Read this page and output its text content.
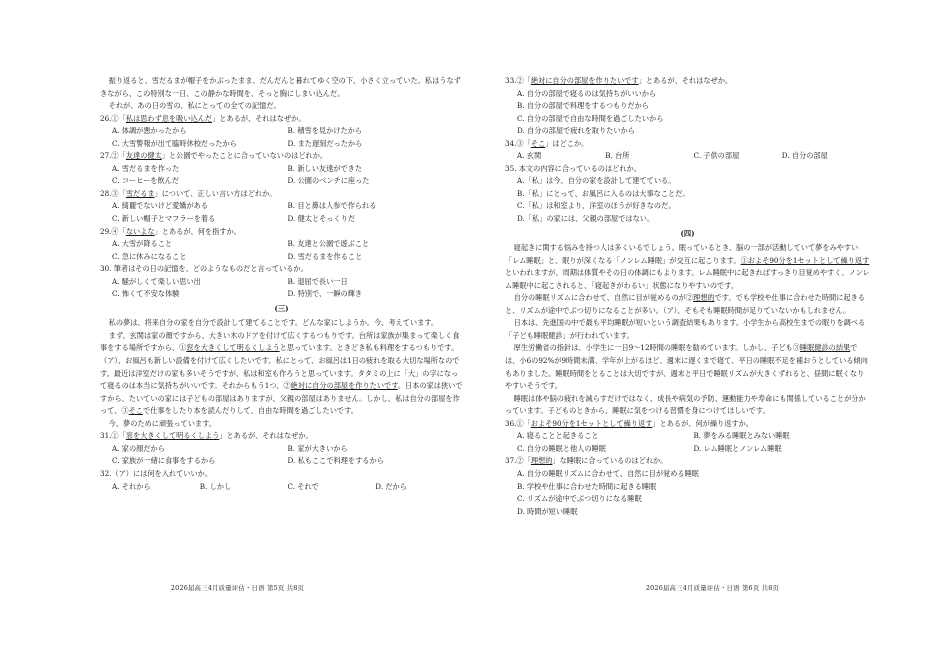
振り返ると、雪だるまが帽子をかぶったまま、だんだんと暮れてゆく空の下、小さく立っていた。私はうなずきながら、この特別な一日、この静かな時間を、そっと胸にしまい込んだ。

それが、あの日の雪の、私にとっての全ての記憶だ。

26.①「私は思わず息を吸い込んだ」とあるが、それはなぜか。

A. 体調が悪かったから	B. 積雪を見かけたから
C. 大雪警報が出て臨時休校だったから	D. また遅刻だったから

27.②「友達の健太」と公園でやったことに合っていないのはどれか。

A. 雪だるまを作った	B. 新しい友達ができた
C. コーヒーを飲んだ	D. 公園のベンチに座った

28.③「雪だるま」について、正しい言い方はどれか。

A. 綺麗でないけど愛嬌がある	B. 目と鼻は人参で作られる
C. 新しい帽子とマフラーを着る	D. 健太とそっくりだ

29.④「ないよな」とあるが、何を指すか。

A. 大雪が降ること	B. 友達と公園で遊ぶこと
C. 急に休みになること	D. 雪だるまを作ること

30. 筆者はその日の記憶を、どのようなものだと言っているか。

A. 騒がしくて楽しい思い出	B. 退屈で長い一日
C. 怖くて不安な体験	D. 特別で、一瞬の輝き

(三)

私の夢は、将来自分の家を自分で設計して建てることです。どんな家にしようか。今、考えています。

まず、玄関は家の顔ですから、大きい木のドアを付けて広くするつもりです。台所は家族が集まって楽しく食事をする場所ですから、①窓を大きくして明るくしようと思っています。ときどき私も料理をするつもりです。（ア）、お風呂も新しい設備を付けて広くしたいです。私にとって、お風呂は1日の疲れを取る大切な場所なのです。最近は洋室だけの家も多いそうですが、私は和室も作ろうと思っています。タタミの上に「大」の字になって寝るのは本当に気持ちがいいです。それからもう1つ、②絶対に自分の部屋を作りたいです。日本の家は狭いですから、たいていの家には子どもの部屋はありますが、父親の部屋はありません。しかし、私は自分の部屋を作って、③そこで仕事をしたり本を読んだりして、自由な時間を過ごしたいです。

今、夢のために頑張っています。

31.①「窓を大きくして明るくしよう」とあるが、それはなぜか。

A. 家の顔だから	B. 家が大きいから
C. 家族が一緒に食事をするから	D. 私もここで料理をするから

32.（ア）には何を入れていいか。

A. それから	B. しかし	C. それで	D. だから
2026届高三4月质量评估・日语 第5页 共8页

33.②「絶対に自分の部屋を作りたいです」とあるが、それはなぜか。

A. 自分の部屋で寝るのは気持ちがいいから

B. 自分の部屋で料理をするつもりだから

C. 自分の部屋で自由な時間を過ごしたいから

D. 自分の部屋で疲れを取りたいから

34.③「そこ」はどこか。

A. 玄関	B. 台所	C. 子供の部屋	D. 自分の部屋

35. 本文の内容に合っているのはどれか。

A.「私」は今、自分の家を設計して建てている。

B.「私」にとって、お風呂に入るのは大事なことだ。

C.「私」は和室より、洋室のほうが好きなのだ。

D.「私」の家には、父親の部屋ではない。

(四)

寝起きに関する悩みを持つ人は多くいるでしょう。眠っているとき、脳の一部が活動していて夢をみやすい「レム睡眠」と、眠りが深くなる「ノンレム睡眠」が交互に起こります。①およそ90分を1セットとして繰り返すといわれますが、周期は体質やその日の体調にもよります。レム睡眠中に起きればすっきり目覚めやすく、ノンレム睡眠中に起こされると、「寝起きがわるい」状態になりやすいのです。

自分の睡眠リズムに合わせて、自然に目が覚めるのが②理想的です。でも学校や仕事に合わせた時間に起きると、リズムが途中でぶつ切りになることが多い。（ア）、そもそも睡眠時間が足りていないかもしれません。

日本は、先進国の中で最も平均睡眠が短いという調査結果もあります。小学生から高校生までの眠りを調べる「子ども睡眠健診」が行われています。

厚生労働省の指針は、小学生に一日9～12時間の睡眠を勧めています。しかし、子ども③睡眠健診の結果では、小6の92%が9時間未満、学年が上がるほど、週末に遅くまで寝て、平日の睡眠不足を補おうとしている傾向もありました。睡眠時間をとることは大切ですが、週末と平日で睡眠リズムが大きくずれると、昼間に眠くなりやすいそうです。

睡眠は体や脳の疲れを減らすだけではなく、成長や病気の予防、運動能力や寿命にも関係していることが分かっています。子どものときから、睡眠に気をつける習慣を身につけてほしいです。

36.①「およそ90分を1セットとして繰り返す」とあるが、何が繰り返すか。

A. 寝ることと起きること	B. 夢をみる睡眠とみない睡眠
C. 自分の睡眠と他人の睡眠	D. レム睡眠とノンレム睡眠

37.②「理想的」な睡眠に合っているのはどれか。

A. 自分の睡眠リズムに合わせて、自然に目が覚める睡眠

B. 学校や仕事に合わせた時間に起きる睡眠

C. リズムが途中でぶつ切りになる睡眠

D. 時間が短い睡眠

2026届高三4月质量评估・日语 第6页 共8页
